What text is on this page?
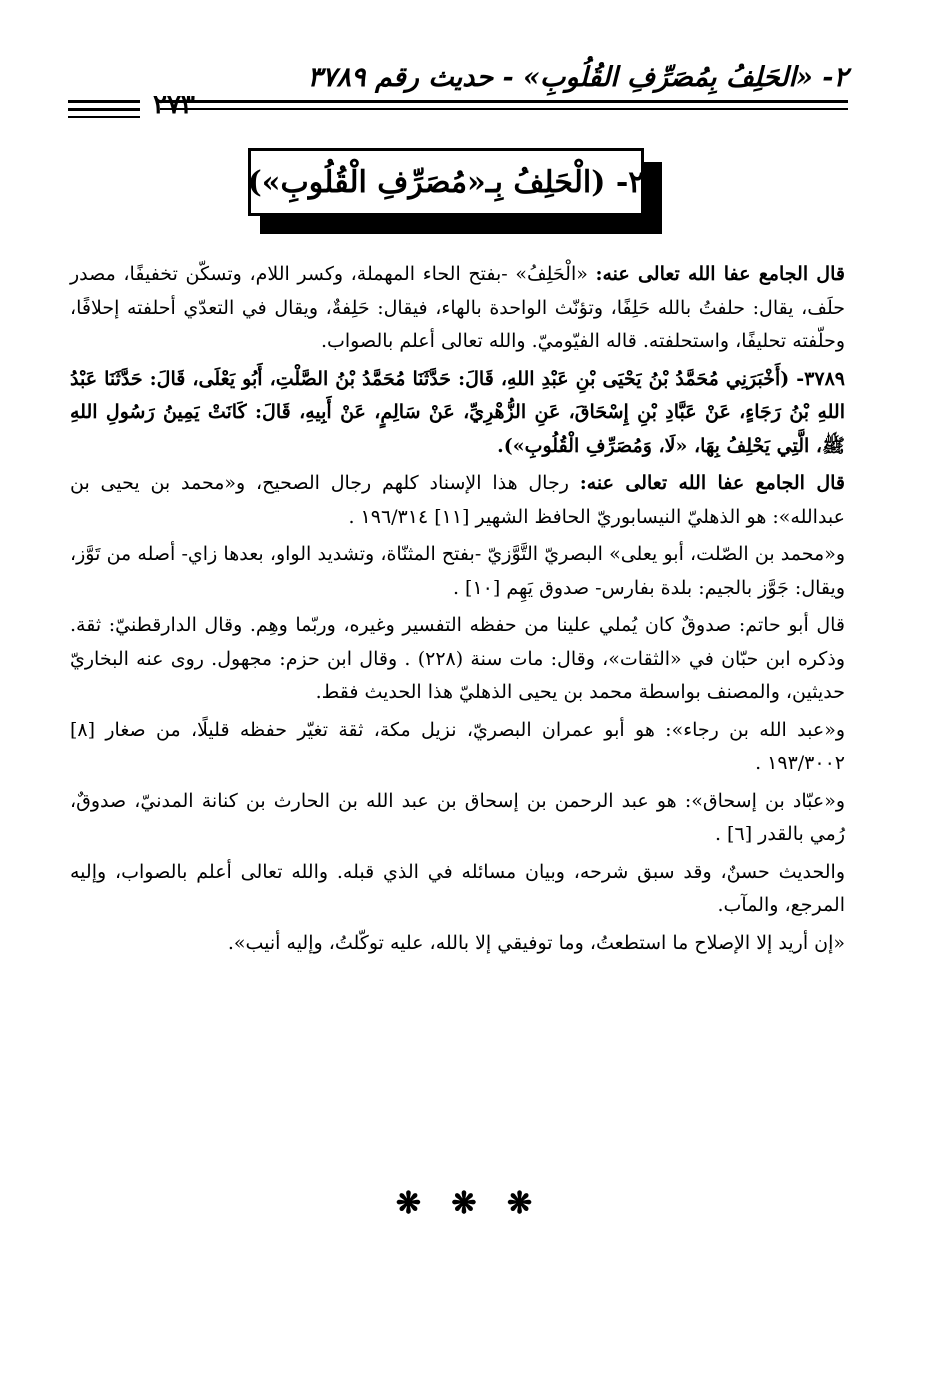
٢- «الحَلِفُ بِمُصَرِّفِ القُلُوبِ» - حديث رقم ٣٧٨٩
٢٧٣
٢- (الْحَلِفُ بِـ«مُصَرِّفِ الْقُلُوبِ»)

قال الجامع عفا الله تعالى عنه: «الْحَلِفُ» -بفتح الحاء المهملة، وكسر اللام، وتسكّن تخفيفًا، مصدر حلَف، يقال: حلفتُ بالله حَلِفًا، وتؤنّث الواحدة بالهاء، فيقال: حَلِفةٌ، ويقال في التعدّي أحلفته إحلافًا، وحلّفته تحليفًا، واستحلفته. قاله الفيّوميّ. والله تعالى أعلم بالصواب.

٣٧٨٩- (أَخْبَرَنِي مُحَمَّدُ بْنُ يَحْيَى بْنِ عَبْدِ اللهِ، قَالَ: حَدَّثَنَا مُحَمَّدُ بْنُ الصَّلْتِ، أَبُو يَعْلَى، قَالَ: حَدَّثَنَا عَبْدُ اللهِ بْنُ رَجَاءٍ، عَنْ عَبَّادِ بْنِ إِسْحَاقَ، عَنِ الزُّهْرِيِّ، عَنْ سَالِمٍ، عَنْ أَبِيهِ، قَالَ: كَانَتْ يَمِينُ رَسُولِ اللهِ ﷺ، الَّتِي يَحْلِفُ بِهَا، «لَا، وَمُصَرِّفِ الْقُلُوبِ»).

قال الجامع عفا الله تعالى عنه: رجال هذا الإسناد كلهم رجال الصحيح، و«محمد بن يحيى بن عبدالله»: هو الذهليّ النيسابوريّ الحافظ الشهير [١١] ١٩٦/٣١٤ .

و«محمد بن الصّلت، أبو يعلى» البصريّ التَّوَّزيّ -بفتح المثنّاة، وتشديد الواو، بعدها زاي- أصله من تَوَّز، ويقال: جَوَّز بالجيم: بلدة بفارس- صدوق يَهِم [١٠] .

قال أبو حاتم: صدوقٌ كان يُملي علينا من حفظه التفسير وغيره، وربّما وهِم. وقال الدارقطنيّ: ثقة. وذكره ابن حبّان في «الثقات»، وقال: مات سنة (٢٢٨) . وقال ابن حزم: مجهول. روى عنه البخاريّ حديثين، والمصنف بواسطة محمد بن يحيى الذهليّ هذا الحديث فقط.

و«عبد الله بن رجاء»: هو أبو عمران البصريّ، نزيل مكة، ثقة تغيّر حفظه قليلًا، من صغار [٨] ١٩٣/٣٠٠٢ .

و«عبّاد بن إسحاق»: هو عبد الرحمن بن إسحاق بن عبد الله بن الحارث بن كنانة المدنيّ، صدوقٌ، رُمي بالقدر [٦] .

والحديث حسنٌ، وقد سبق شرحه، وبيان مسائله في الذي قبله. والله تعالى أعلم بالصواب، وإليه المرجع، والمآب.

«إن أريد إلا الإصلاح ما استطعتُ، وما توفيقي إلا بالله، عليه توكّلتُ، وإليه أنيب».

❋ ❋ ❋
